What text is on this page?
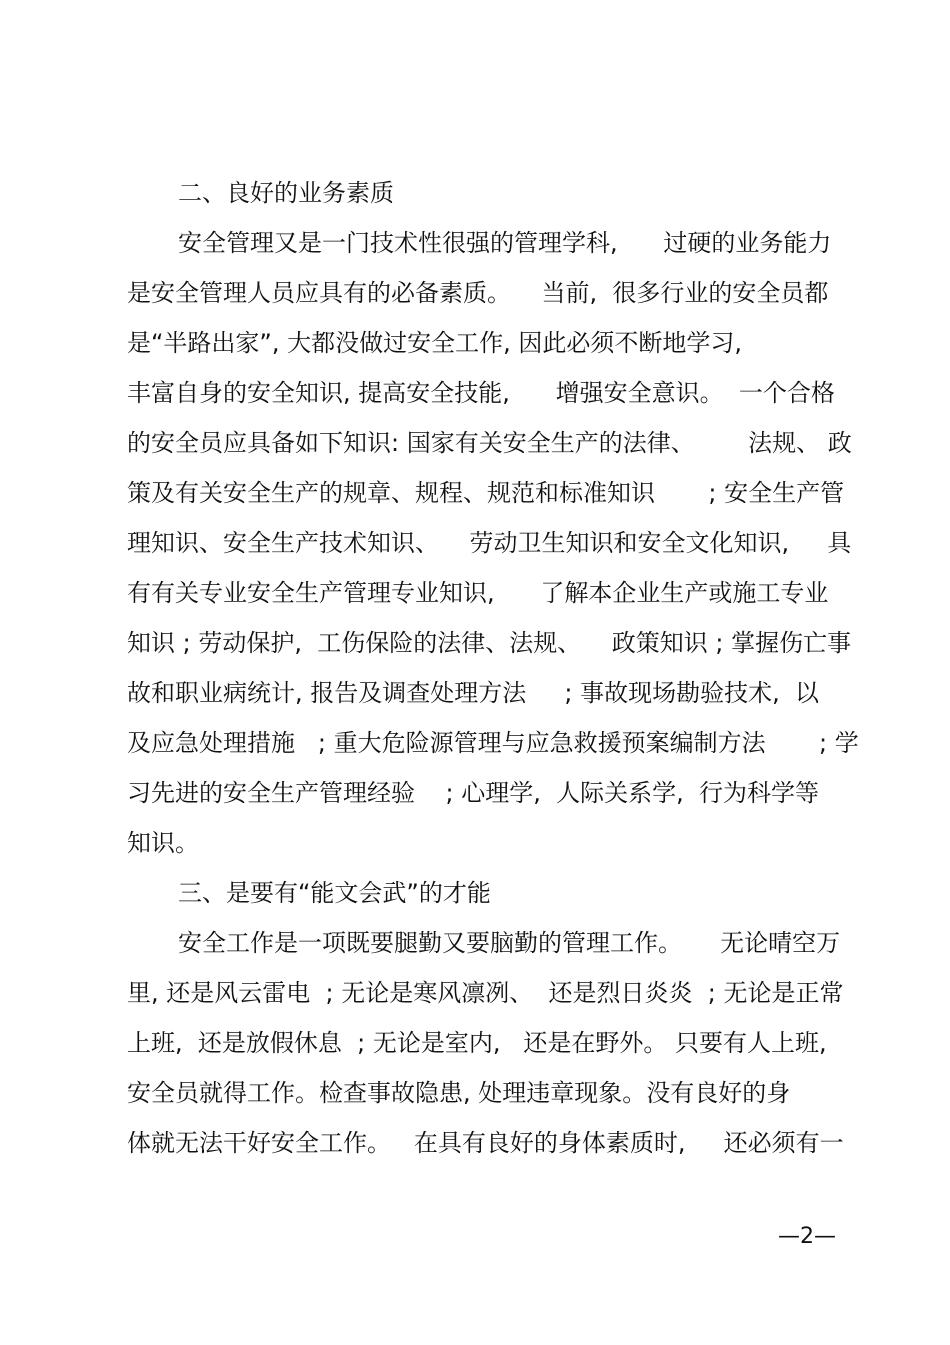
二、良好的业务素质
安全管理又是一门技术性很强的管理学科,      过硬的业务能力
是安全管理人员应具有的必备素质。    当前,  很多行业的安全员都
是“半路出家”, 大都没做过安全工作, 因此必须不断地学习,
丰富自身的安全知识, 提高安全技能,      增强安全意识。  一个合格
的安全员应具备如下知识: 国家有关安全生产的法律、       法规、 政
策及有关安全生产的规章、规程、规范和标准知识       ; 安全生产管
理知识、安全生产技术知识、    劳动卫生知识和安全文化知识,     具
有有关专业安全生产管理专业知识,      了解本企业生产或施工专业
知识 ; 劳动保护,  工伤保险的法律、法规、    政策知识 ; 掌握伤亡事
故和职业病统计, 报告及调查处理方法     ; 事故现场勘验技术,  以
及应急处理措施   ; 重大危险源管理与应急救援预案编制方法       ; 学
习先进的安全生产管理经验    ; 心理学,  人际关系学,  行为科学等
知识。
三、是要有“能文会武”的才能
安全工作是一项既要腿勤又要脑勤的管理工作。     无论晴空万
里, 还是风云雷电  ; 无论是寒风凛冽、  还是烈日炎炎  ; 无论是正常
上班,  还是放假休息  ; 无论是室内,   还是在野外。 只要有人上班,
安全员就得工作。检查事故隐患, 处理违章现象。没有良好的身
体就无法干好安全工作。   在具有良好的身体素质时,     还必须有一
—2—
